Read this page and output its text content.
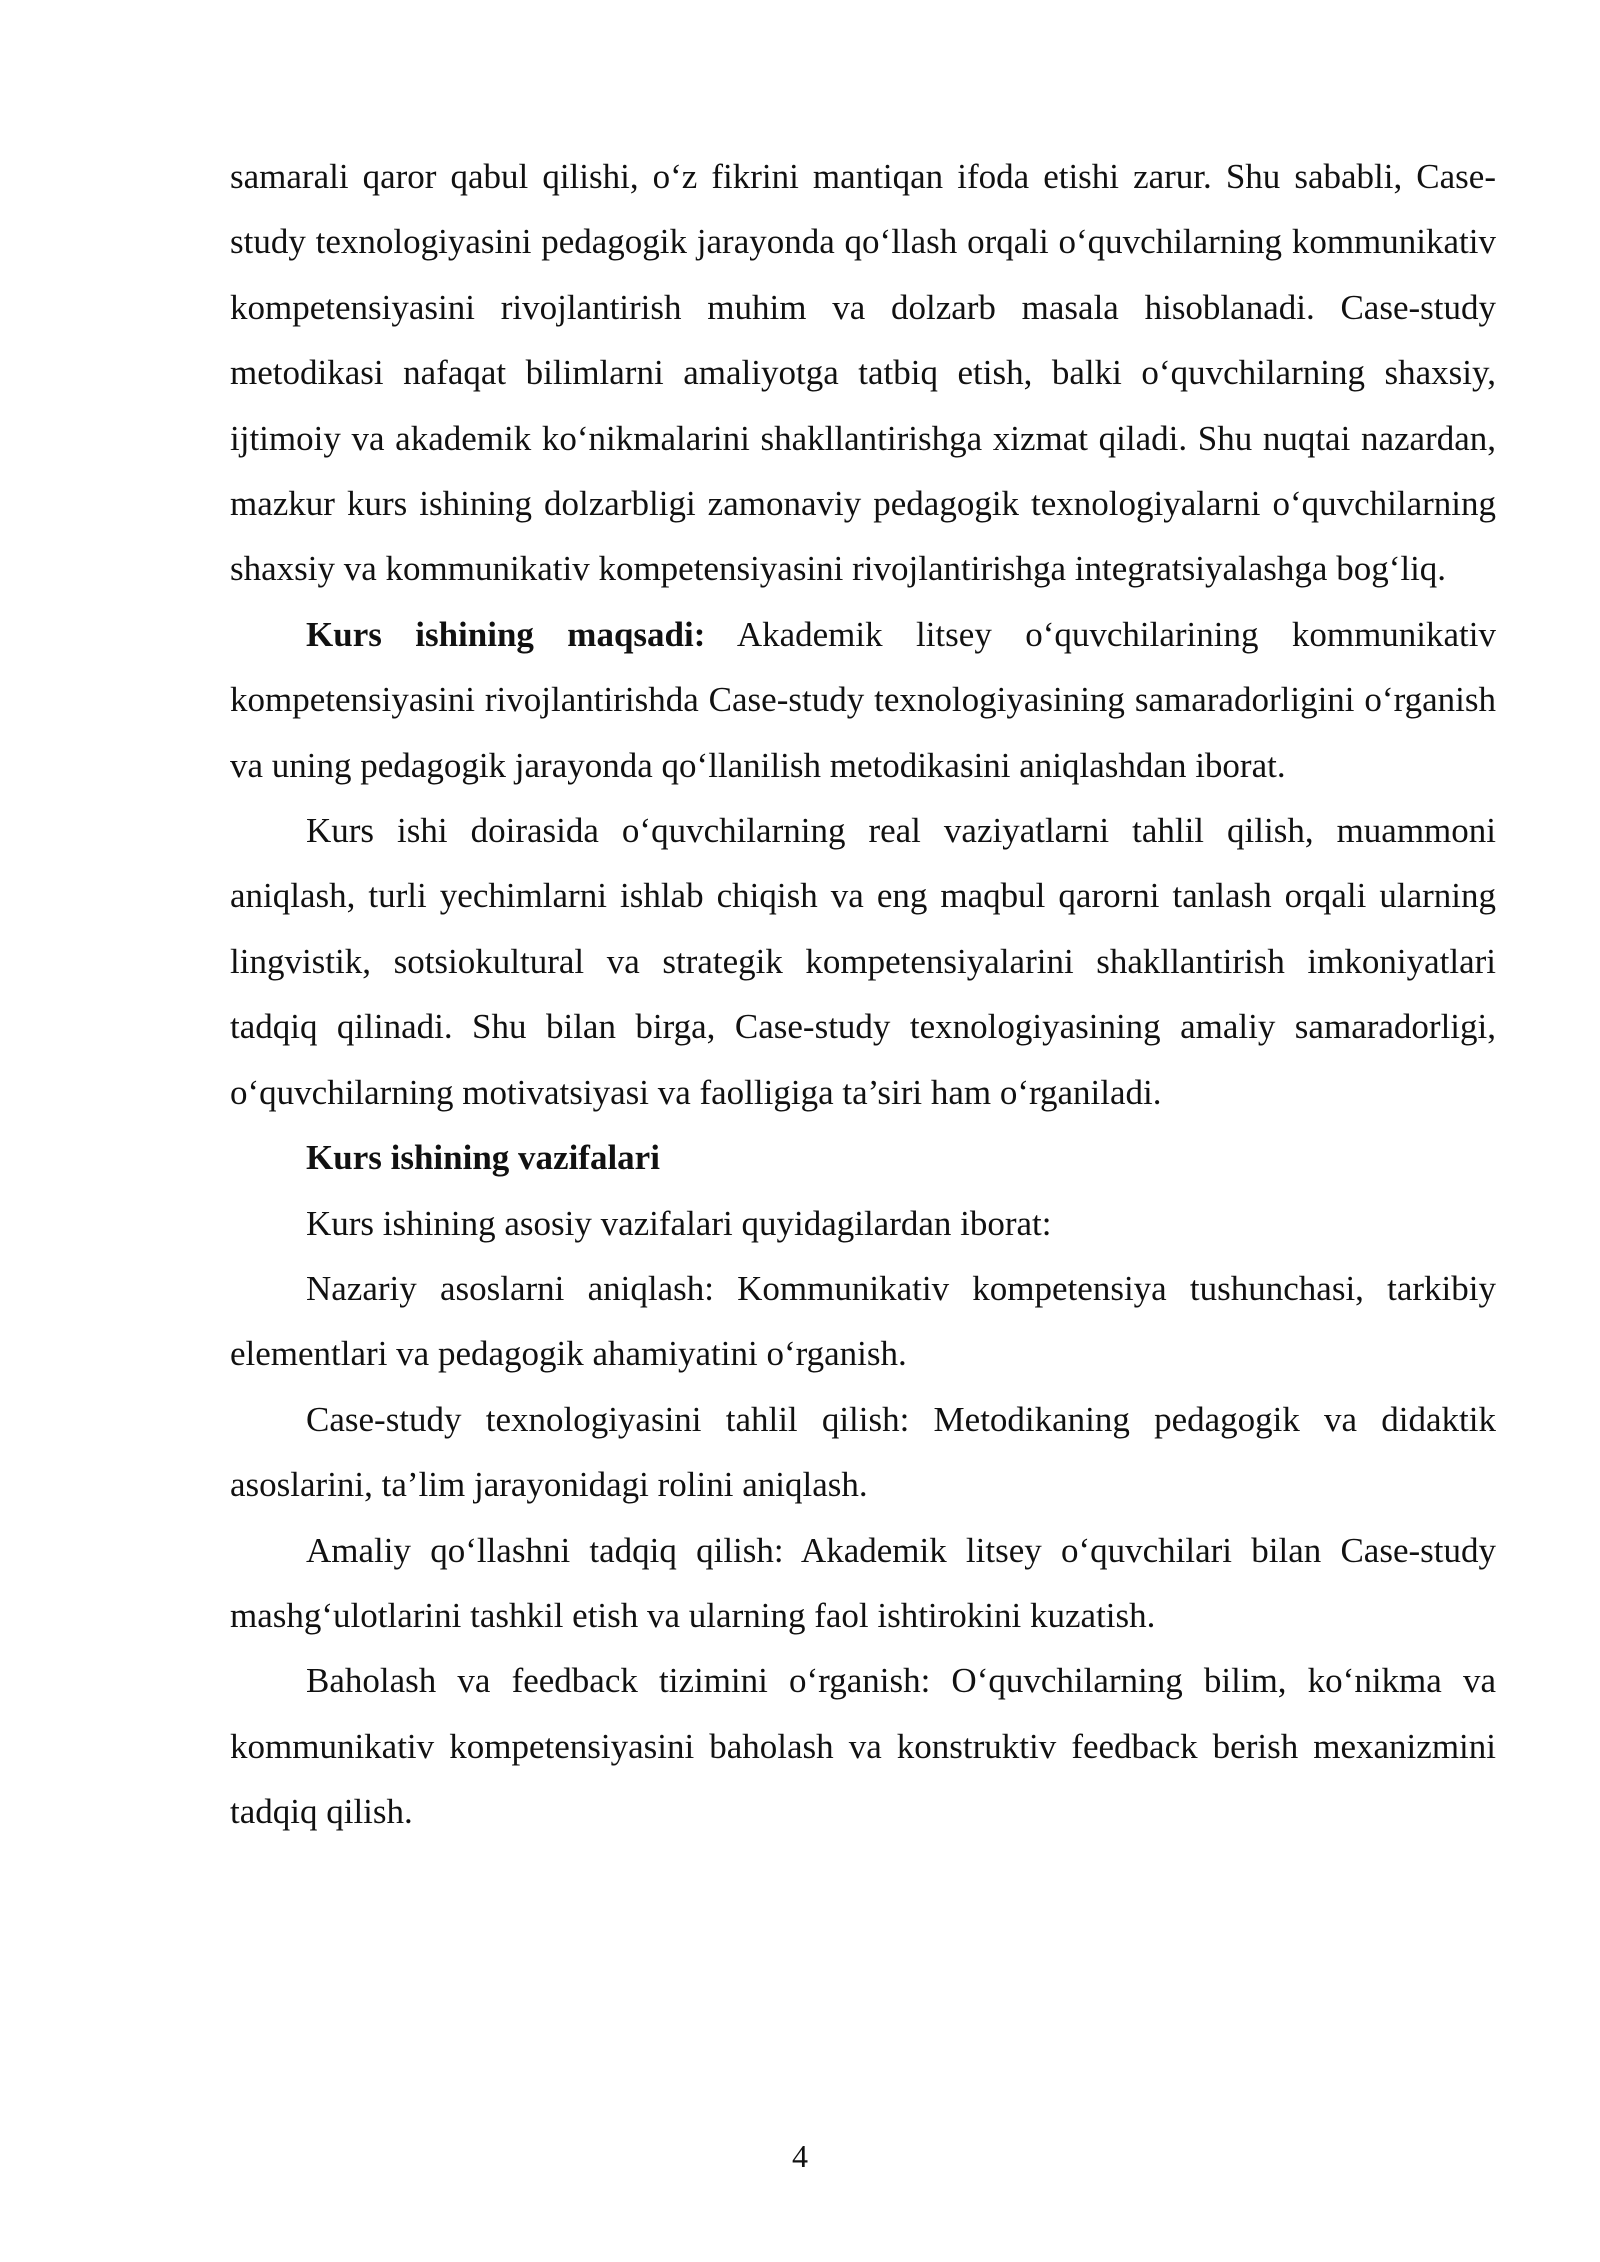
samarali qaror qabul qilishi, o‘z fikrini mantiqan ifoda etishi zarur. Shu sababli, Case-study texnologiyasini pedagogik jarayonda qo‘llash orqali o‘quvchilarning kommunikativ kompetensiyasini rivojlantirish muhim va dolzarb masala hisoblanadi. Case-study metodikasi nafaqat bilimlarni amaliyotga tatbiq etish, balki o‘quvchilarning shaxsiy, ijtimoiy va akademik ko‘nikmalarini shakllantirishga xizmat qiladi. Shu nuqtai nazardan, mazkur kurs ishining dolzarbligi zamonaviy pedagogik texnologiyalarni o‘quvchilarning shaxsiy va kommunikativ kompetensiyasini rivojlantirishga integratsiyalashga bog‘liq.

Kurs ishining maqsadi: Akademik litsey o‘quvchilarining kommunikativ kompetensiyasini rivojlantirishda Case-study texnologiyasining samaradorligini o‘rganish va uning pedagogik jarayonda qo‘llanilish metodikasini aniqlashdan iborat.

Kurs ishi doirasida o‘quvchilarning real vaziyatlarni tahlil qilish, muammoni aniqlash, turli yechimlarni ishlab chiqish va eng maqbul qarorni tanlash orqali ularning lingvistik, sotsiokultural va strategik kompetensiyalarini shakllantirish imkoniyatlari tadqiq qilinadi. Shu bilan birga, Case-study texnologiyasining amaliy samaradorligi, o‘quvchilarning motivatsiyasi va faolligiga ta’siri ham o‘rganiladi.

Kurs ishining vazifalari

Kurs ishining asosiy vazifalari quyidagilardan iborat:

Nazariy asoslarni aniqlash: Kommunikativ kompetensiya tushunchasi, tarkibiy elementlari va pedagogik ahamiyatini o‘rganish.

Case-study texnologiyasini tahlil qilish: Metodikaning pedagogik va didaktik asoslarini, ta’lim jarayonidagi rolini aniqlash.

Amaliy qo‘llashni tadqiq qilish: Akademik litsey o‘quvchilari bilan Case-study mashg‘ulotlarini tashkil etish va ularning faol ishtirokini kuzatish.

Baholash va feedback tizimini o‘rganish: O‘quvchilarning bilim, ko‘nikma va kommunikativ kompetensiyasini baholash va konstruktiv feedback berish mexanizmini tadqiq qilish.

4
